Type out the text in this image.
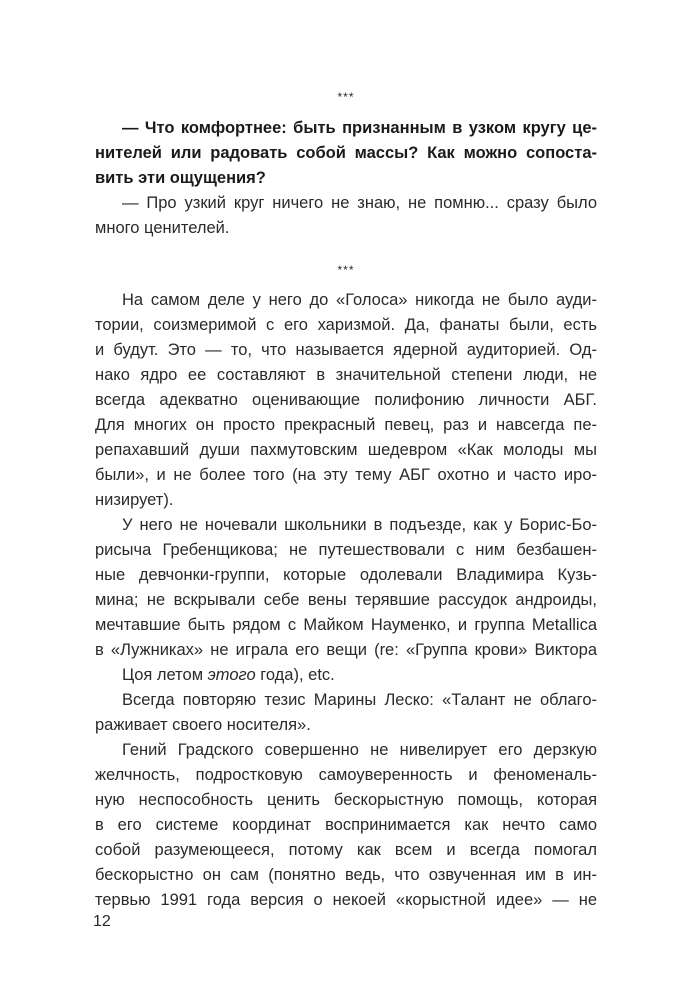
***
— Что комфортнее: быть признанным в узком кругу це-
нителей или радовать собой массы? Как можно сопоста-
вить эти ощущения?
— Про узкий круг ничего не знаю, не помню... сразу было
много ценителей.
***
На самом деле у него до «Голоса» никогда не было ауди-
тории, соизмеримой с его харизмой. Да, фанаты были, есть
и будут. Это — то, что называется ядерной аудиторией. Од-
нако ядро ее составляют в значительной степени люди, не
всегда адекватно оценивающие полифонию личности АБГ.
Для многих он просто прекрасный певец, раз и навсегда пе-
репахавший души пахмутовским шедевром «Как молоды мы
были», и не более того (на эту тему АБГ охотно и часто иро-
низирует).
У него не ночевали школьники в подъезде, как у Борис-Бо-
рисыча Гребенщикова; не путешествовали с ним безбашен-
ные девчонки-группи, которые одолевали Владимира Кузь-
мина; не вскрывали себе вены терявшие рассудок андроиды,
мечтавшие быть рядом с Майком Науменко, и группа Metallica
в «Лужниках» не играла его вещи (re: «Группа крови» Виктора
Цоя летом этого года), etc.
Всегда повторяю тезис Марины Леско: «Талант не облаго-
раживает своего носителя».
Гений Градского совершенно не нивелирует его дерзкую
желчность, подростковую самоуверенность и феноменаль-
ную неспособность ценить бескорыстную помощь, которая
в его системе координат воспринимается как нечто само
собой разумеющееся, потому как всем и всегда помогал
бескорыстно он сам (понятно ведь, что озвученная им в ин-
тервью 1991 года версия о некоей «корыстной идее» — не
12
